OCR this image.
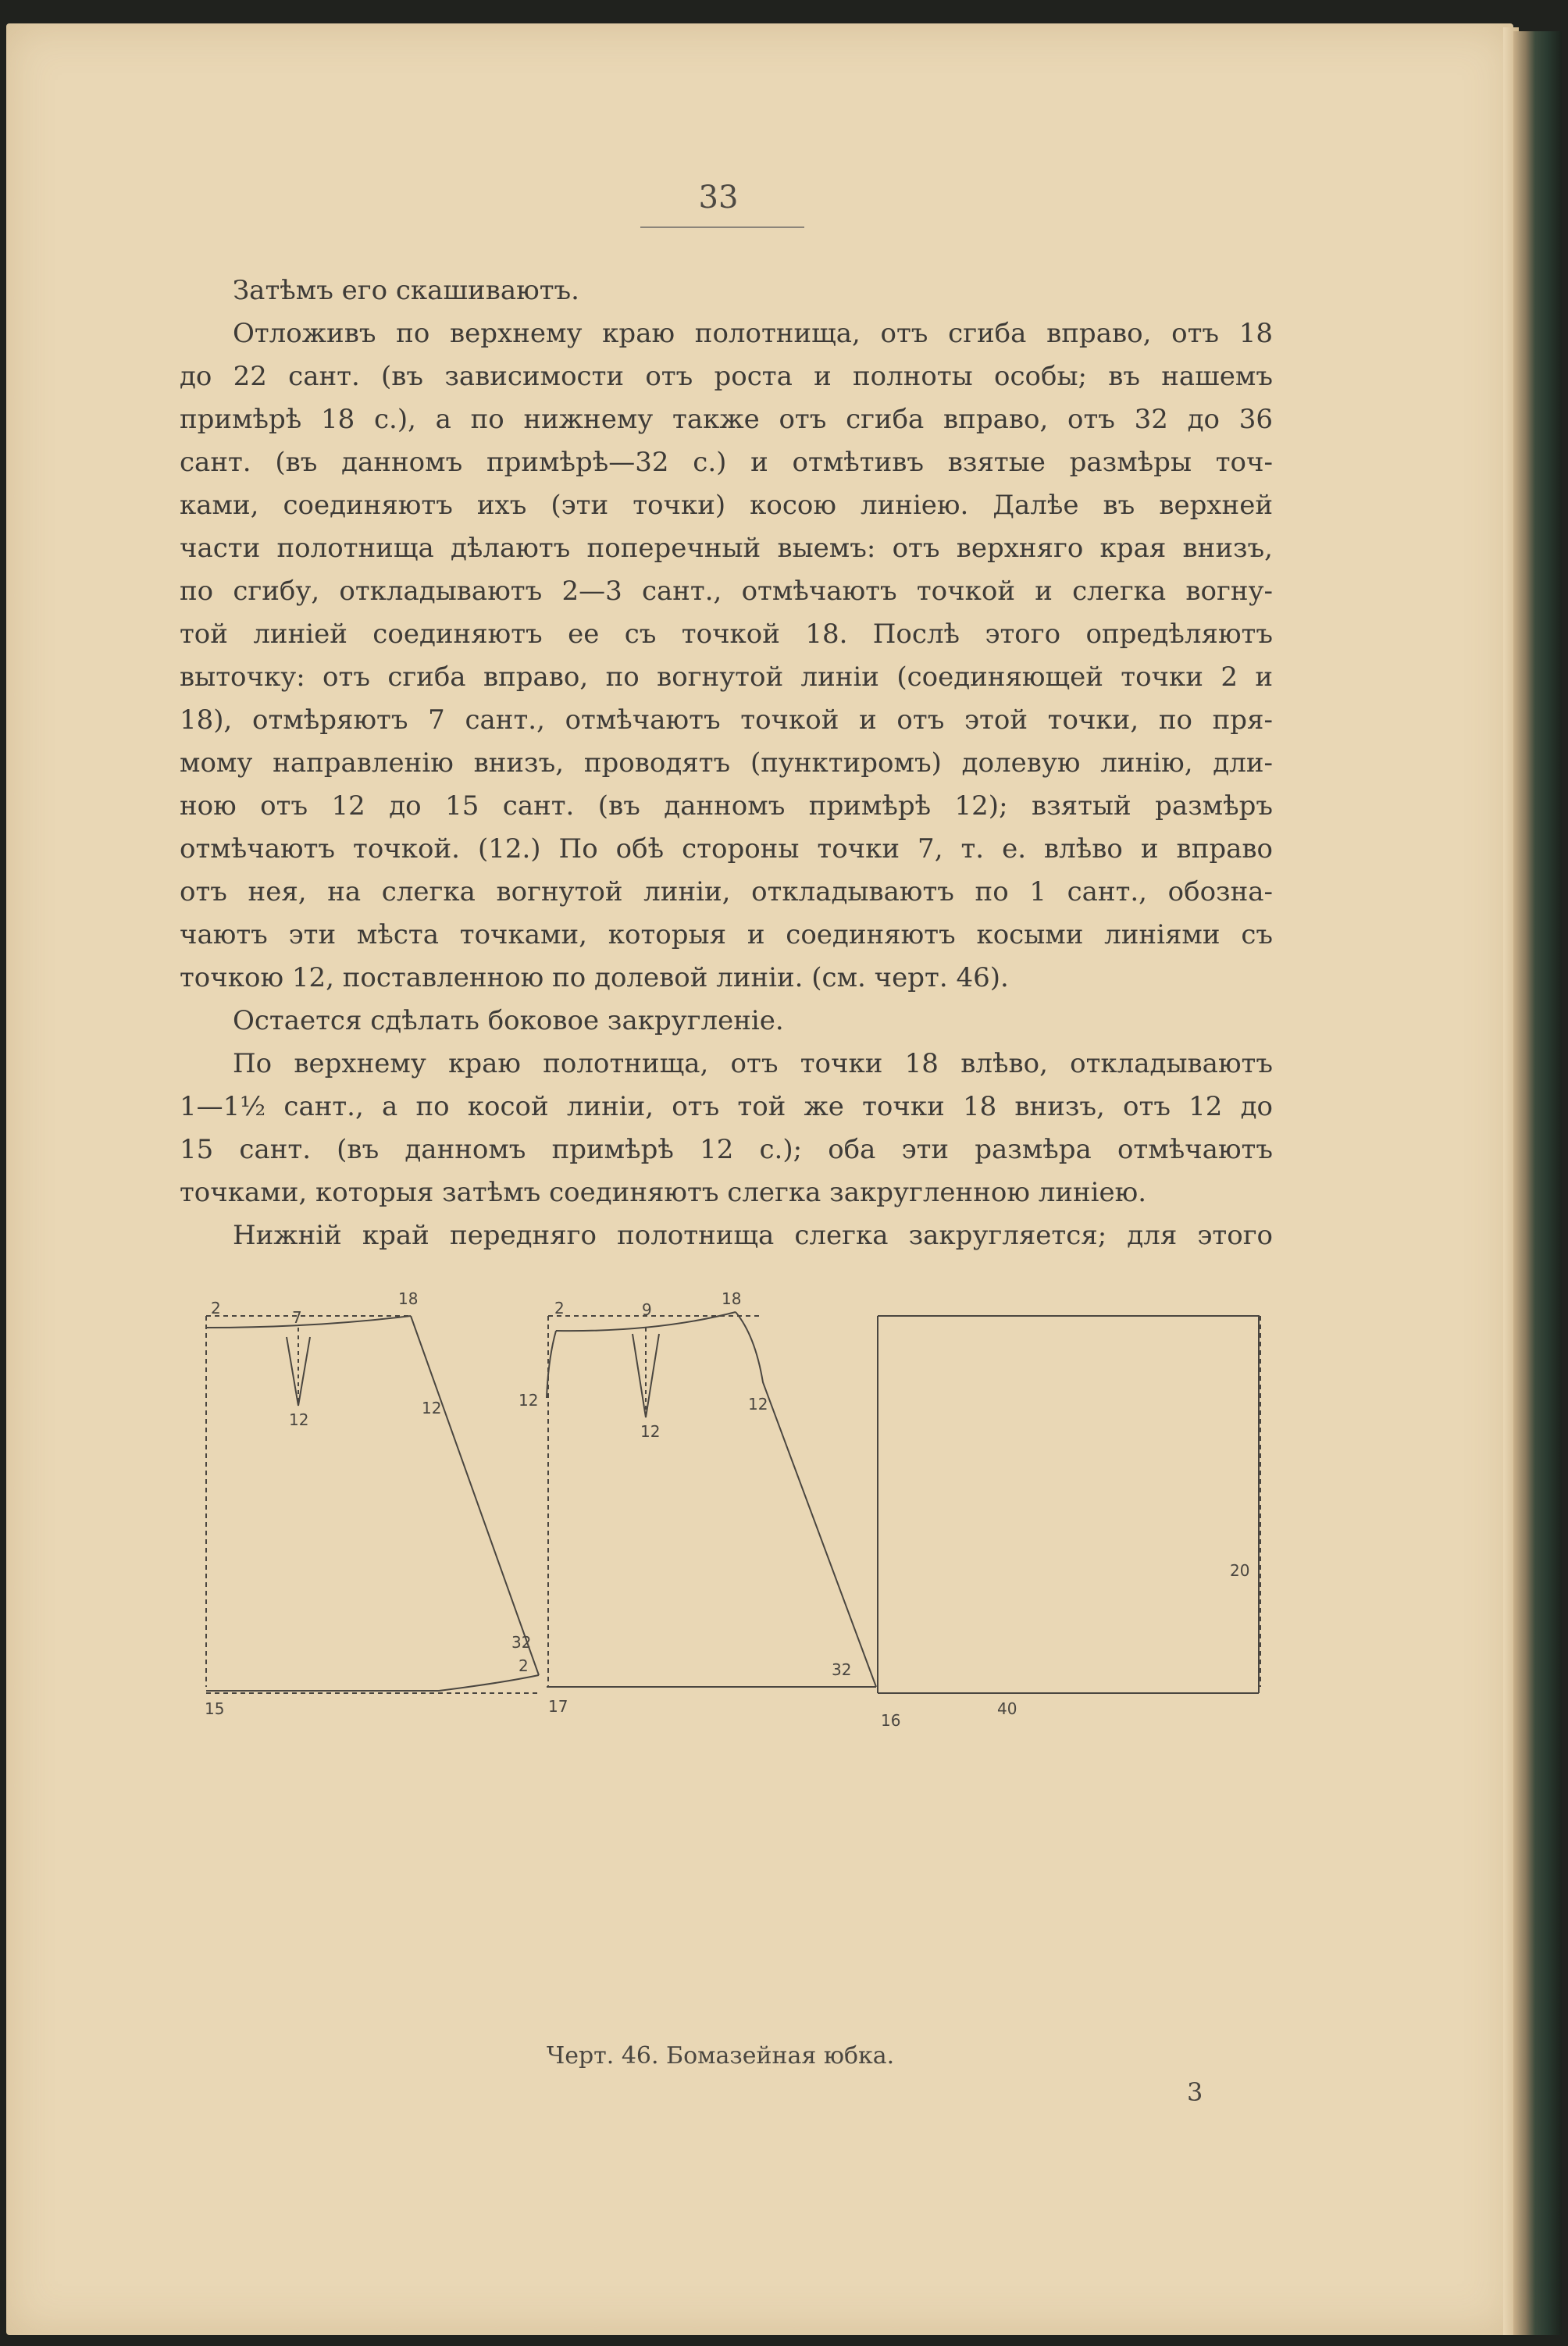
33
Затѣмъ его скашиваютъ.
Отложивъ по верхнему краю полотнища, отъ сгиба вправо, отъ 18
до 22 сант. (въ зависимости отъ роста и полноты особы; въ нашемъ
примѣрѣ 18 с.), а по нижнему также отъ сгиба вправо, отъ 32 до 36
сант. (въ данномъ примѣрѣ—32 с.) и отмѣтивъ взятые размѣры точ-
ками, соединяютъ ихъ (эти точки) косою линiею. Далѣе въ верхней
части полотнища дѣлаютъ поперечный выемъ: отъ верхняго края внизъ,
по сгибу, откладываютъ 2—3 сант., отмѣчаютъ точкой и слегка вогну-
той линiей соединяютъ ее съ точкой 18. Послѣ этого опредѣляютъ
выточку: отъ сгиба вправо, по вогнутой линiи (соединяющей точки 2 и
18), отмѣряютъ 7 сант., отмѣчаютъ точкой и отъ этой точки, по пря-
мому направленiю внизъ, проводятъ (пунктиромъ) долевую линiю, дли-
ною отъ 12 до 15 сант. (въ данномъ примѣрѣ 12); взятый размѣръ
отмѣчаютъ точкой. (12.) По обѣ стороны точки 7, т. е. влѣво и вправо
отъ нея, на слегка вогнутой линiи, откладываютъ по 1 сант., обозна-
чаютъ эти мѣста точками, которыя и соединяютъ косыми линiями съ
точкою 12, поставленною по долевой линiи. (см. черт. 46).
Остается сдѣлать боковое закругленiе.
По верхнему краю полотнища, отъ точки 18 влѣво, откладываютъ
1—1½ сант., а по косой линiи, отъ той же точки 18 внизъ, отъ 12 до
15 сант. (въ данномъ примѣрѣ 12 с.); оба эти размѣра отмѣчаютъ
точками, которыя затѣмъ соединяютъ слегка закругленною линiею.
Нижнiй край передняго полотнища слегка закругляется; для этого
2	7
18
12
12
32
2
15
2	9
18
12	12
12
17
32
20
40
16
Черт. 46. Бомазейная юбка.
3
